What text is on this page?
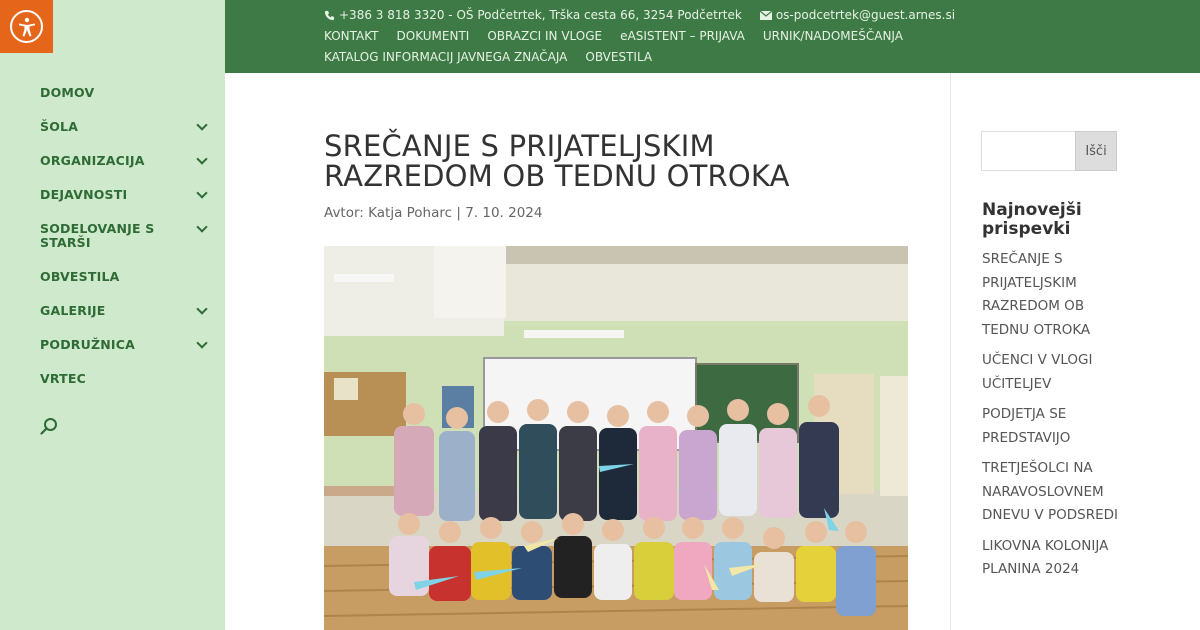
DOMOV
ŠOLA
ORGANIZACIJA
DEJAVNOSTI
SODELOVANJE S STARŠI
OBVESTILA
GALERIJE
PODRUŽNICA
VRTEC
+386 3 818 3320 - OŠ Podčetrtek, Trška cesta 66, 3254 Podčetrtek	os-podcetrtek@guest.arnes.si
KONTAKT DOKUMENTI OBRAZCI IN VLOGE eASISTENT – PRIJAVA URNIK/NADOMEŠČANJA
KATALOG INFORMACIJ JAVNEGA ZNAČAJA OBVESTILA
SREČANJE S PRIJATELJSKIM RAZREDOM OB TEDNU OTROKA
Avtor: Katja Poharc | 7. 10. 2024
Išči
Najnovejši prispevki
SREČANJE S PRIJATELJSKIM RAZREDOM OB TEDNU OTROKA
UČENCI V VLOGI UČITELJEV
PODJETJA SE PREDSTAVIJO
TRETJEŠOLCI NA NARAVOSLOVNEM DNEVU V PODSREDI
LIKOVNA KOLONIJA PLANINA 2024
